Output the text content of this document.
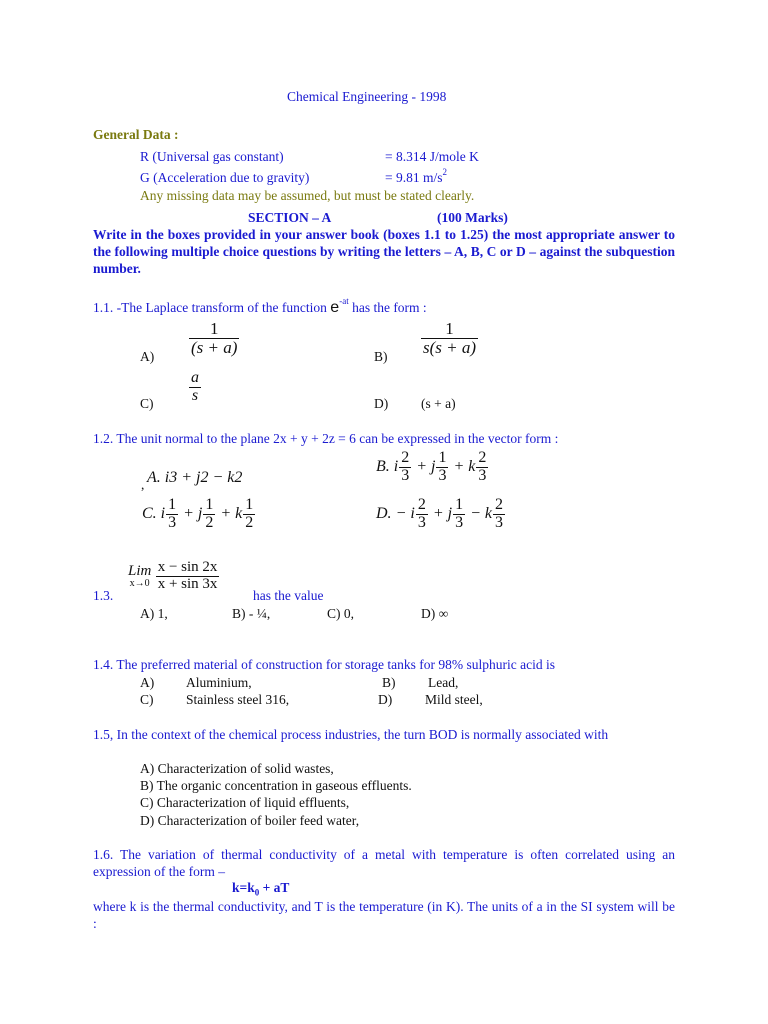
Chemical Engineering - 1998
General Data :
R (Universal gas constant)	= 8.314 J/mole K
G (Acceleration due to gravity)	= 9.81 $m/s^2$
Any missing data may be assumed, but must be stated clearly.
SECTION – A	(100 Marks)
Write in the boxes provided in your answer book (boxes 1.1 to 1.25) the most appropriate answer to the following multiple choice questions by writing the letters – A, B, C or D – against the subquestion number.
1.1. -The Laplace transform of the function $e^{-at}$ has the form :
$A) \frac{1}{(s + a)}$	$B) \frac{1}{s(s + a)}$
$C) \frac{a}{s}$	D) (s + a)
1.2. The unit normal to the plane 2x + y + 2z = 6 can be expressed in the vector form :
, A. i3 + j2 − k2
B. i $\frac{2}{3} + j \frac{1}{3} + k \frac{2}{3}$
C. i $\frac{1}{3} + j \frac{1}{2} + k \frac{1}{2}$	D. − i $\frac{2}{3} + j \frac{1}{3} - k \frac{2}{3}$
1.3.
Lim
x→0
$\frac{x - \sin 2x}{x + \sin 3x}$
has the value
A) 1,	B) - ¼,	C) 0,	D) ∞
1.4. The preferred material of construction for storage tanks for 98% sulphuric acid is
A) Aluminium,	B) Lead,
C) Stainless steel 316,	D) Mild steel,
1.5, In the context of the chemical process industries, the turn BOD is normally associated with
A) Characterization of solid wastes,
B) The organic concentration in gaseous effluents.
C) Characterization of liquid effluents,
D) Characterization of boiler feed water,
1.6. The variation of thermal conductivity of a metal with temperature is often correlated using an expression of the form –
$k=k_0$ + aT
where k is the thermal conductivity, and T is the temperature (in K). The units of a in the SI system will be :
